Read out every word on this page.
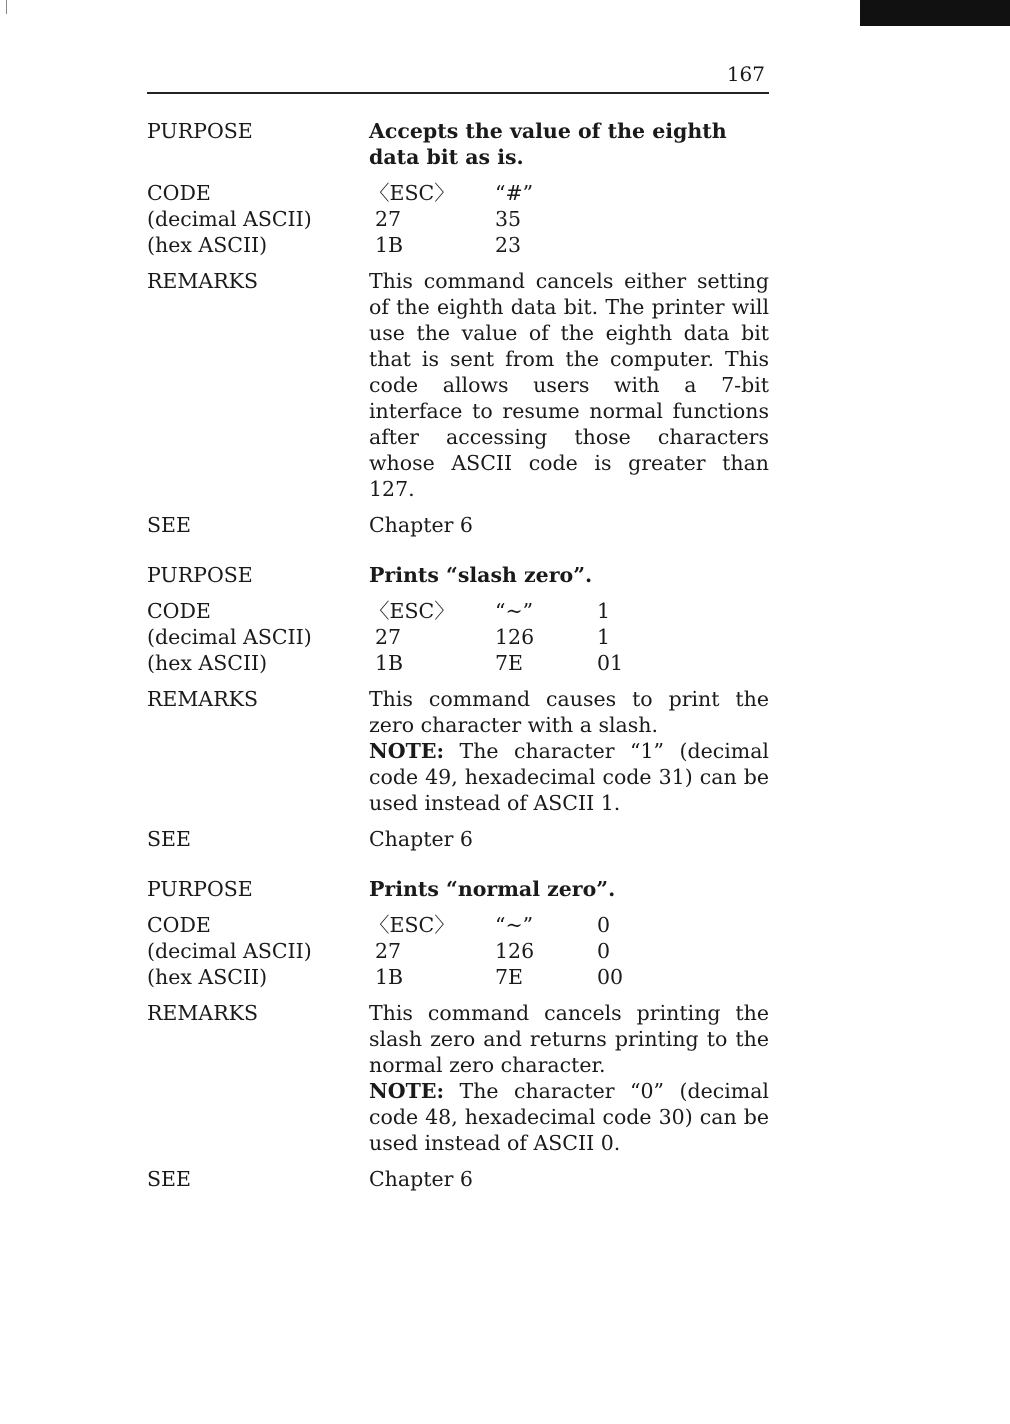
167
PURPOSE	Accepts the value of the eighth data bit as is.
CODE	〈ESC〉	“#”
(decimal ASCII)	27	35
(hex ASCII)	1B	23
REMARKS	This command cancels either setting of the eighth data bit. The printer will use the value of the eighth data bit that is sent from the computer. This code allows users with a 7-bit interface to resume normal functions after accessing those characters whose ASCII code is greater than 127.
SEE	Chapter 6
PURPOSE	Prints “slash zero”.
CODE	〈ESC〉	“~”	1
(decimal ASCII)	27	126	1
(hex ASCII)	1B	7E	01
REMARKS	This command causes to print the zero character with a slash.
NOTE: The character “1” (decimal code 49, hexadecimal code 31) can be used instead of ASCII 1.
SEE	Chapter 6
PURPOSE	Prints “normal zero”.
CODE	〈ESC〉	“~”	0
(decimal ASCII)	27	126	0
(hex ASCII)	1B	7E	00
REMARKS	This command cancels printing the slash zero and returns printing to the normal zero character.
NOTE: The character “0” (decimal code 48, hexadecimal code 30) can be used instead of ASCII 0.
SEE	Chapter 6
